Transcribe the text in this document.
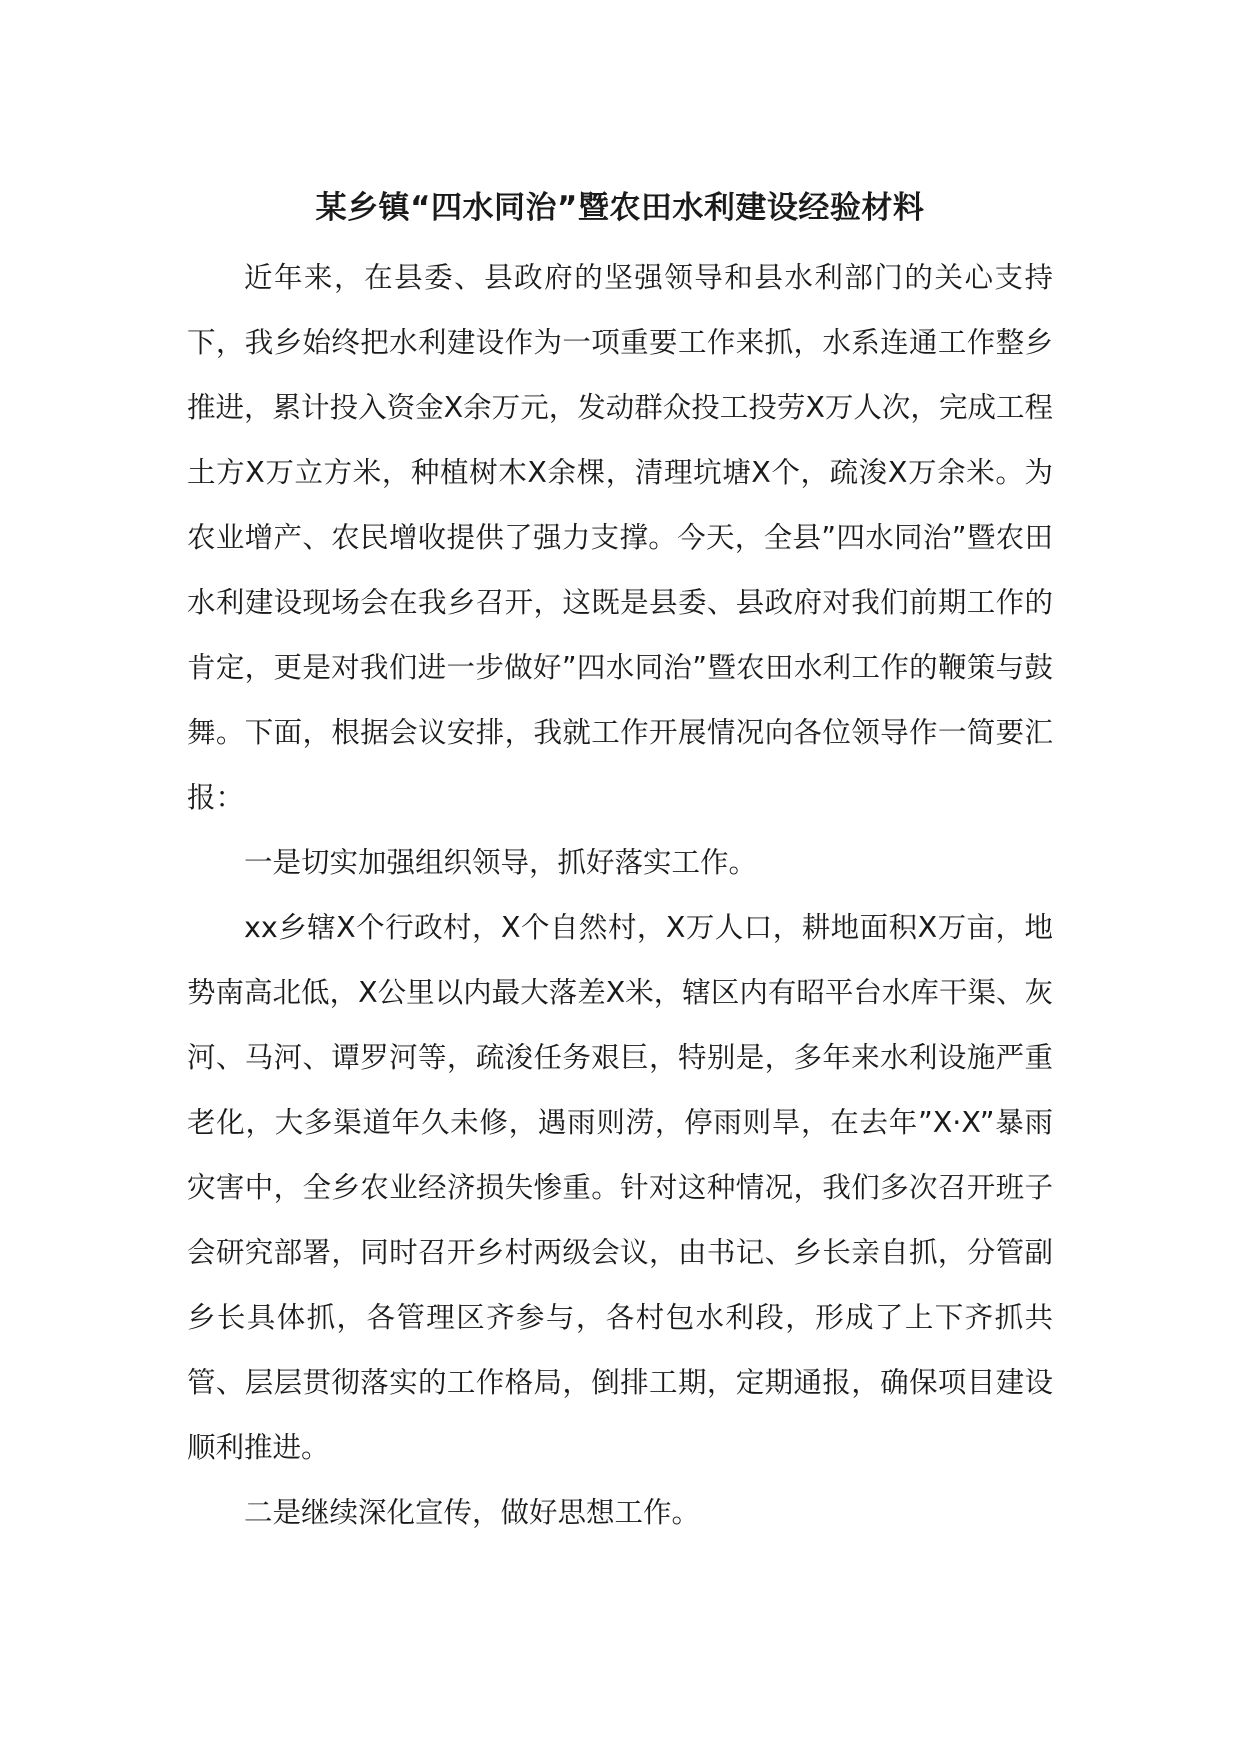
某乡镇“四水同治”暨农田水利建设经验材料

近年来，在县委、县政府的坚强领导和县水利部门的关心支持下，我乡始终把水利建设作为一项重要工作来抓，水系连通工作整乡推进，累计投入资金X余万元，发动群众投工投劳X万人次，完成工程土方X万立方米，种植树木X余棵，清理坑塘X个，疏浚X万余米。为农业增产、农民增收提供了强力支撑。今天，全县”四水同治”暨农田水利建设现场会在我乡召开，这既是县委、县政府对我们前期工作的肯定，更是对我们进一步做好”四水同治”暨农田水利工作的鞭策与鼓舞。下面，根据会议安排，我就工作开展情况向各位领导作一简要汇报：

一是切实加强组织领导，抓好落实工作。

xx乡辖X个行政村，X个自然村，X万人口，耕地面积X万亩，地势南高北低，X公里以内最大落差X米，辖区内有昭平台水库干渠、灰河、马河、谭罗河等，疏浚任务艰巨，特别是，多年来水利设施严重老化，大多渠道年久未修，遇雨则涝，停雨则旱，在去年”X·X”暴雨灾害中，全乡农业经济损失惨重。针对这种情况，我们多次召开班子会研究部署，同时召开乡村两级会议，由书记、乡长亲自抓，分管副乡长具体抓，各管理区齐参与，各村包水利段，形成了上下齐抓共管、层层贯彻落实的工作格局，倒排工期，定期通报，确保项目建设顺利推进。

二是继续深化宣传，做好思想工作。
